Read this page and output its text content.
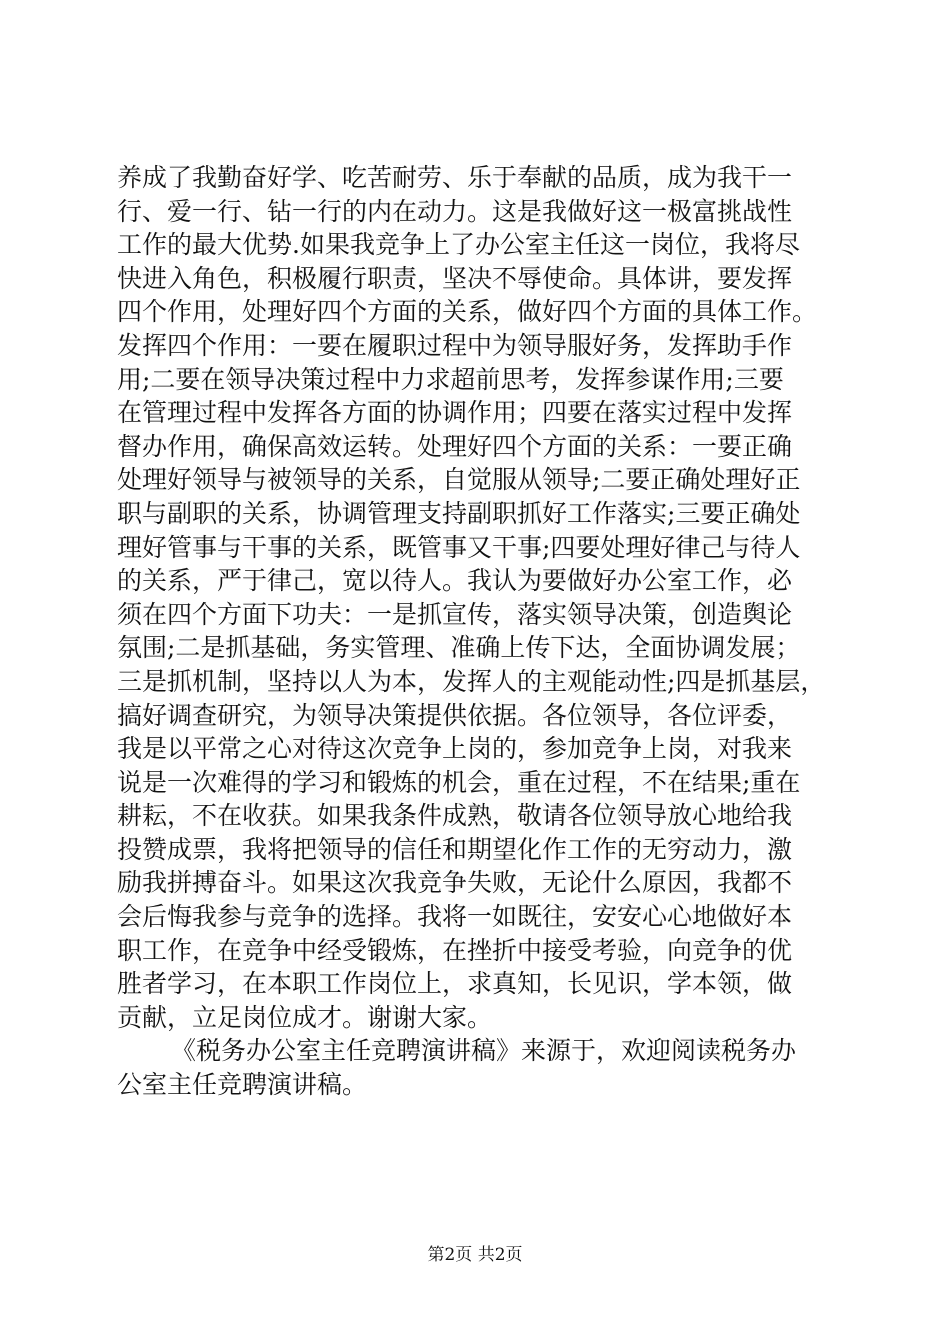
养成了我勤奋好学、吃苦耐劳、乐于奉献的品质，成为我干一
行、爱一行、钻一行的内在动力。这是我做好这一极富挑战性
工作的最大优势.如果我竞争上了办公室主任这一岗位，我将尽
快进入角色，积极履行职责，坚决不辱使命。具体讲，要发挥
四个作用，处理好四个方面的关系，做好四个方面的具体工作。
发挥四个作用：一要在履职过程中为领导服好务，发挥助手作
用;二要在领导决策过程中力求超前思考，发挥参谋作用;三要
在管理过程中发挥各方面的协调作用；四要在落实过程中发挥
督办作用，确保高效运转。处理好四个方面的关系：一要正确
处理好领导与被领导的关系，自觉服从领导;二要正确处理好正
职与副职的关系，协调管理支持副职抓好工作落实;三要正确处
理好管事与干事的关系，既管事又干事;四要处理好律己与待人
的关系，严于律己，宽以待人。我认为要做好办公室工作，必
须在四个方面下功夫：一是抓宣传，落实领导决策，创造舆论
氛围;二是抓基础，务实管理、准确上传下达，全面协调发展；
三是抓机制，坚持以人为本，发挥人的主观能动性;四是抓基层，
搞好调查研究，为领导决策提供依据。各位领导，各位评委，
我是以平常之心对待这次竞争上岗的，参加竞争上岗，对我来
说是一次难得的学习和锻炼的机会，重在过程，不在结果;重在
耕耘，不在收获。如果我条件成熟，敬请各位领导放心地给我
投赞成票，我将把领导的信任和期望化作工作的无穷动力，激
励我拼搏奋斗。如果这次我竞争失败，无论什么原因，我都不
会后悔我参与竞争的选择。我将一如既往，安安心心地做好本
职工作，在竞争中经受锻炼，在挫折中接受考验，向竞争的优
胜者学习，在本职工作岗位上，求真知，长见识，学本领，做
贡献，立足岗位成才。谢谢大家。
《税务办公室主任竞聘演讲稿》来源于，欢迎阅读税务办
公室主任竞聘演讲稿。
第2页 共2页
